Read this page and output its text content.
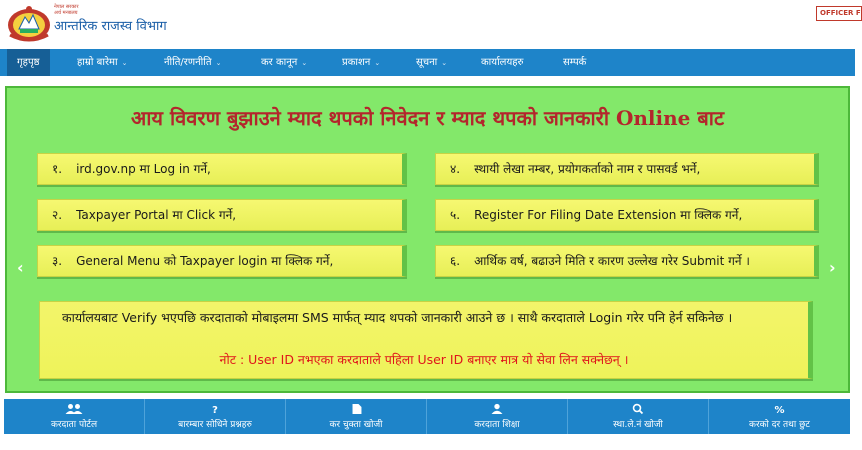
नेपाल सरकार
अर्थ मन्त्रालय
आन्तरिक राजस्व विभाग
OFFICER F
गृहपृष्ठ	हाम्रो बारेमा ⌄	नीति/रणनीति ⌄	कर कानून ⌄	प्रकाशन ⌄	सूचना ⌄	कार्यालयहरु	सम्पर्क
आय विवरण बुझाउने म्याद थपको निवेदन र म्याद थपको जानकारी Online बाट
१. ird.gov.np मा Log in गर्ने,
२. Taxpayer Portal मा Click गर्ने,
३. General Menu को Taxpayer login मा क्लिक गर्ने,
४. स्थायी लेखा नम्बर, प्रयोगकर्ताको नाम र पासवर्ड भर्ने,
५. Register For Filing Date Extension मा क्लिक गर्ने,
६. आर्थिक वर्ष, बढाउने मिति र कारण उल्लेख गरेर Submit गर्ने ।
कार्यालयबाट Verify भएपछि करदाताको मोबाइलमा SMS मार्फत् म्याद थपको जानकारी आउने छ । साथै करदाताले Login गरेर पनि हेर्न सकिनेछ ।
नोट : User ID नभएका करदाताले पहिला User ID बनाएर मात्र यो सेवा लिन सक्नेछन् ।
‹	›
करदाता पोर्टल
?
बारम्बार सोधिने प्रश्नहरु	कर चुक्ता खोजी	करदाता शिक्षा	स्था.ले.नं खोजी
%
करको दर तथा छुट
